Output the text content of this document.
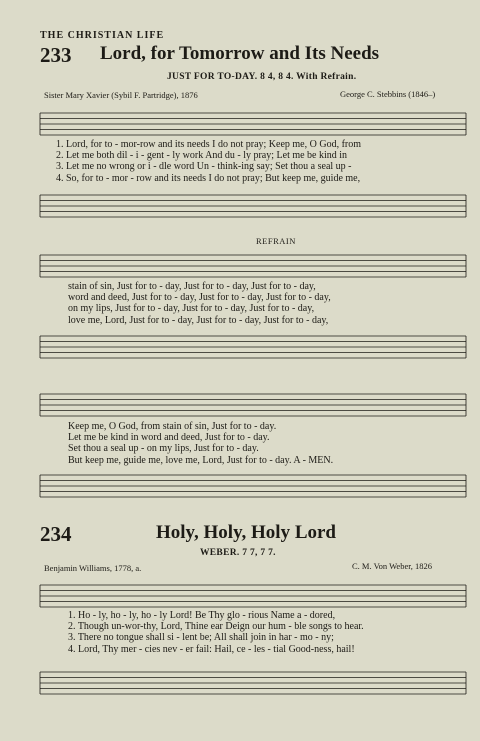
THE CHRISTIAN LIFE
233 Lord, for Tomorrow and Its Needs
JUST FOR TO-DAY. 8 4, 8 4. With Refrain.
Sister Mary Xavier (Sybil F. Partridge), 1876	George C. Stebbins (1846–)
1. Lord, for to - mor-row and its needs I do not pray; Keep me, O God, from
2. Let me both dil - i - gent - ly work And du - ly pray; Let me be kind in
3. Let me no wrong or i - dle word Un - think-ing say; Set thou a seal up -
4. So, for to - mor - row and its needs I do not pray; But keep me, guide me,
REFRAIN
stain of sin, Just for to - day, Just for to - day, Just for to - day,
word and deed, Just for to - day, Just for to - day, Just for to - day,
on my lips, Just for to - day, Just for to - day, Just for to - day,
love me, Lord, Just for to - day, Just for to - day, Just for to - day,
Keep me, O God, from stain of sin, Just for to - day.
Let me be kind in word and deed, Just for to - day.
Set thou a seal up - on my lips, Just for to - day.
But keep me, guide me, love me, Lord, Just for to - day. A - MEN.
234	Holy, Holy, Holy Lord
WEBER. 7 7, 7 7.
Benjamin Williams, 1778, a.	C. M. Von Weber, 1826
1. Ho - ly, ho - ly, ho - ly Lord! Be Thy glo - rious Name a - dored,
2. Though un-wor-thy, Lord, Thine ear Deign our hum - ble songs to hear.
3. There no tongue shall si - lent be; All shall join in har - mo - ny;
4. Lord, Thy mer - cies nev - er fail: Hail, ce - les - tial Good-ness, hail!
